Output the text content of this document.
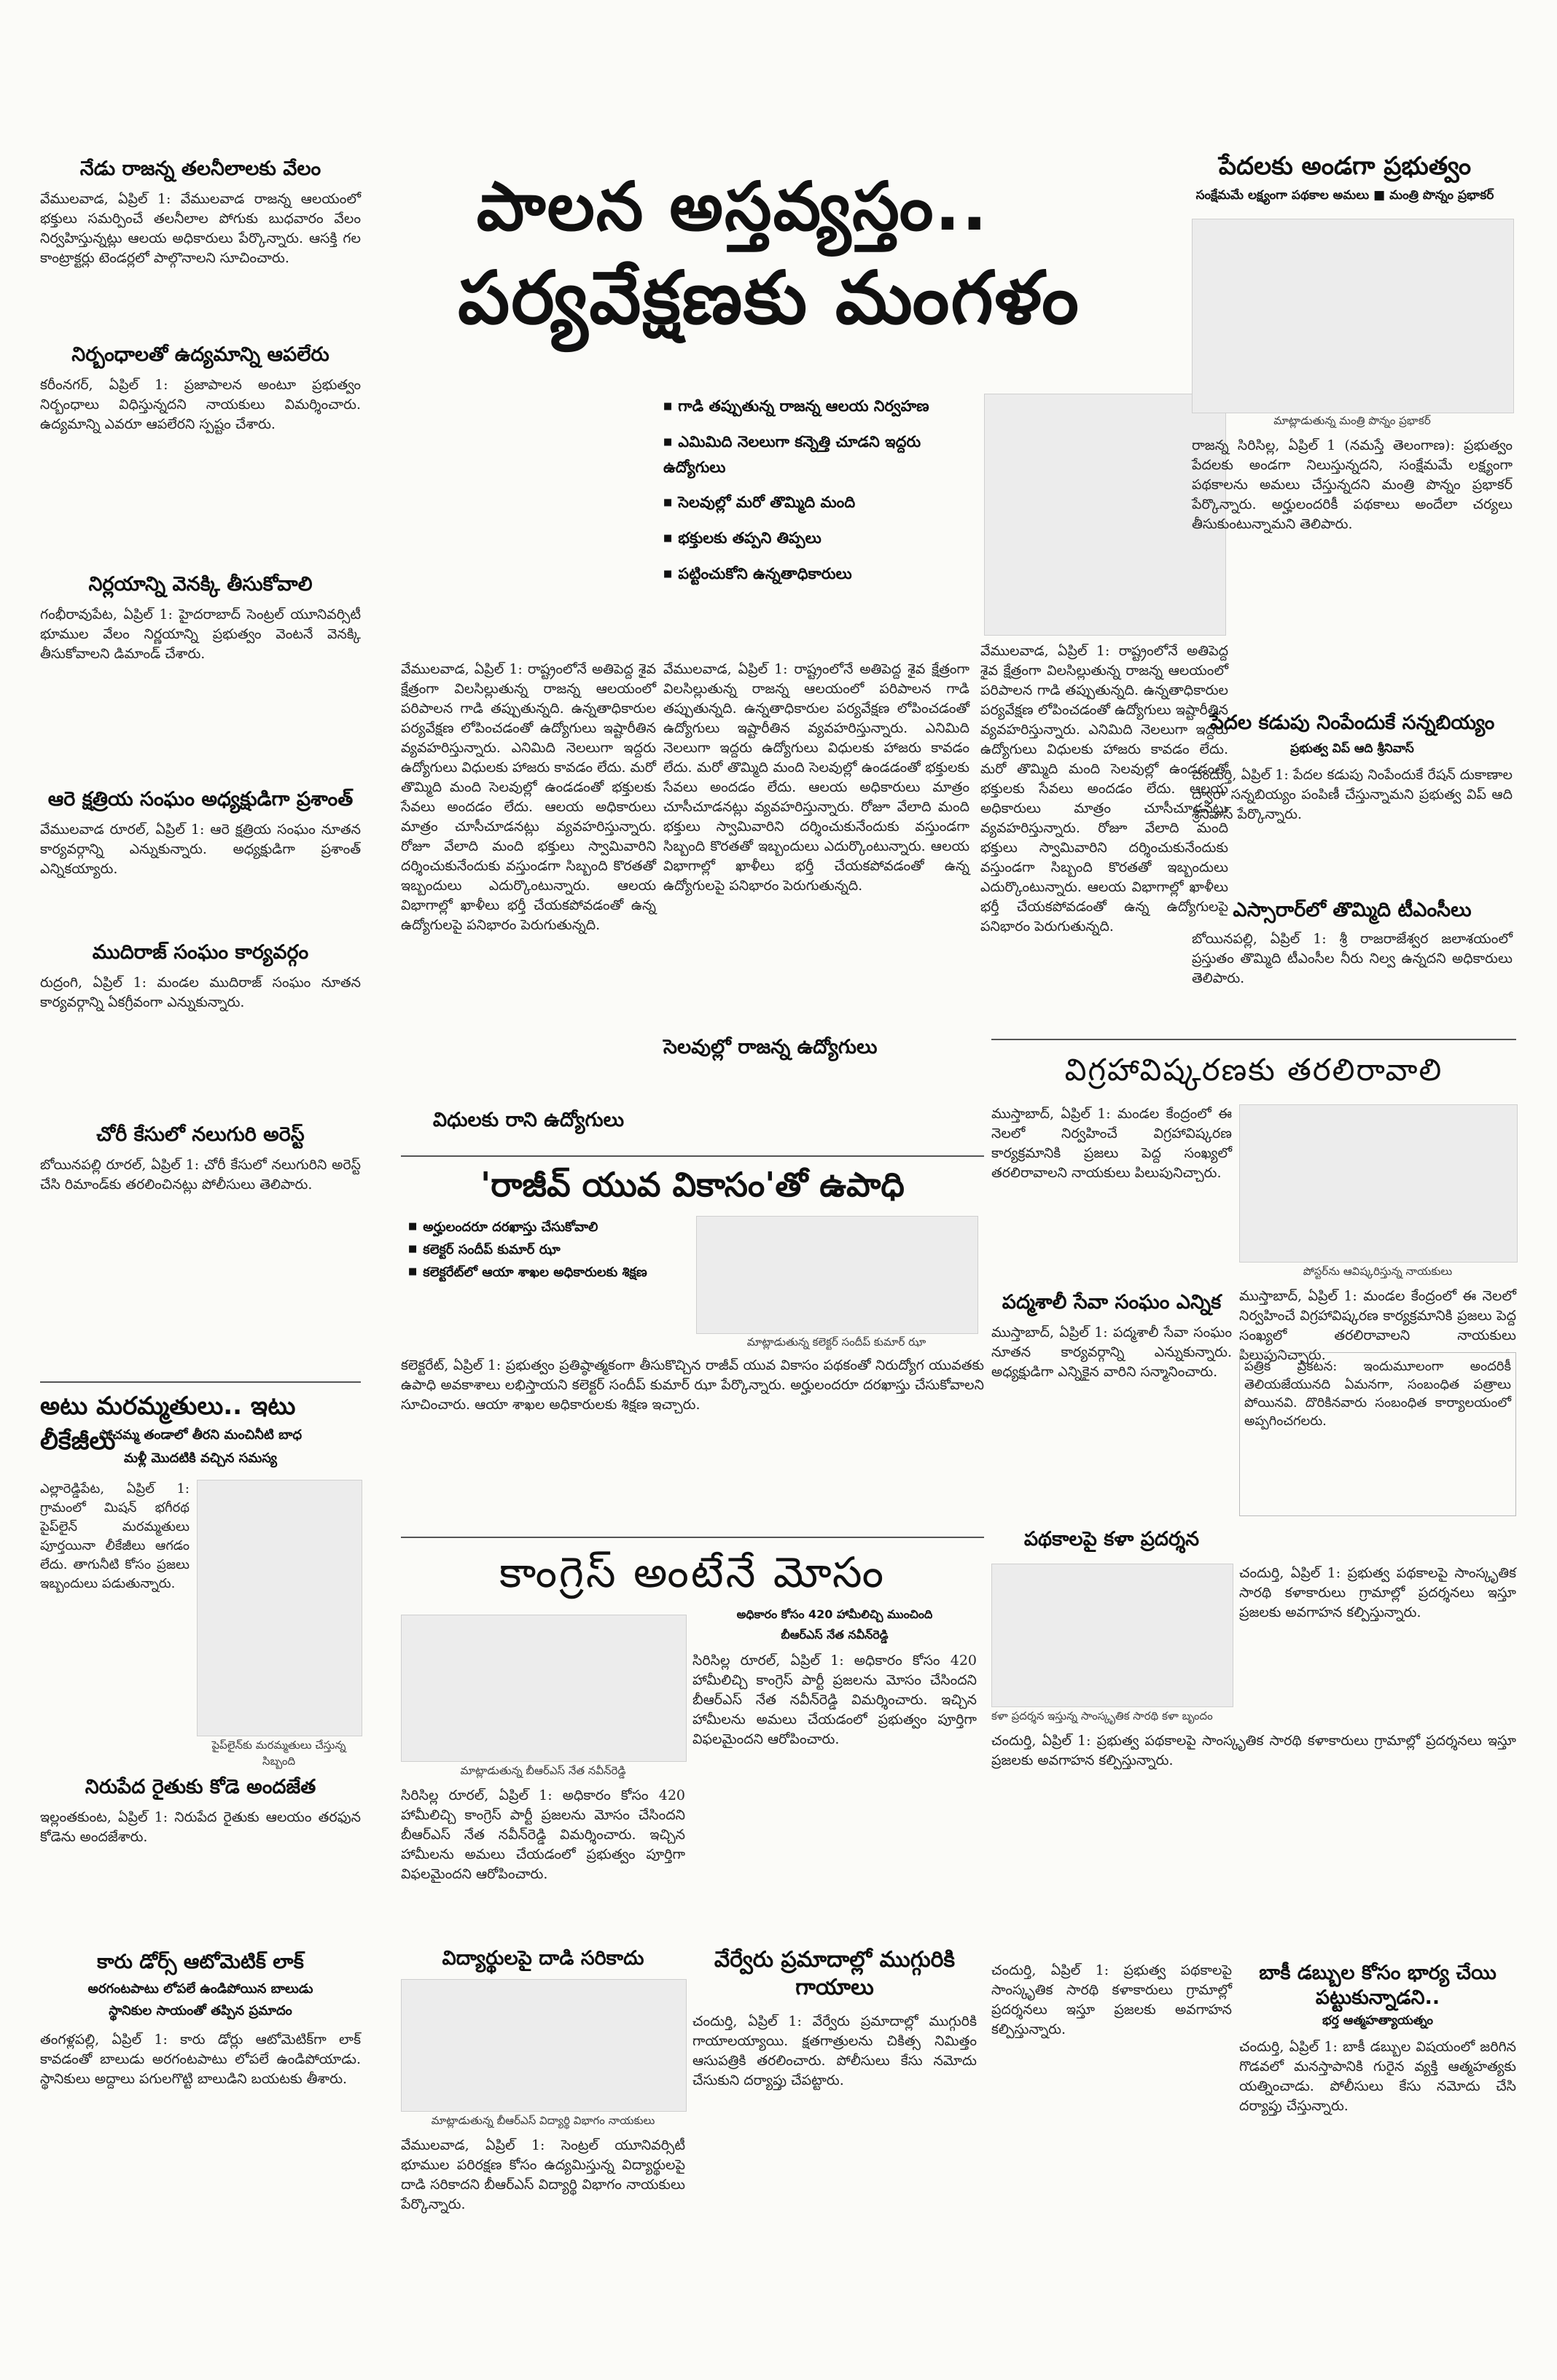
పాలన అస్తవ్యస్తం..
పర్యవేక్షణకు మంగళం
■ గాడి తప్పుతున్న రాజన్న ఆలయ నిర్వహణ
■ ఎమిమిది నెలలుగా కన్నెత్తి చూడని ఇద్దరు ఉద్యోగులు
■ సెలవుల్లో మరో తొమ్మిది మంది
■ భక్తులకు తప్పని తిప్పలు
■ పట్టించుకోని ఉన్నతాధికారులు
వేములవాడ, ఏప్రిల్ 1: రాష్ట్రంలోనే అతిపెద్ద శైవ క్షేత్రంగా విలసిల్లుతున్న రాజన్న ఆలయంలో పరిపాలన గాడి తప్పుతున్నది. ఉన్నతాధికారుల పర్యవేక్షణ లోపించడంతో ఉద్యోగులు ఇష్టారీతిన వ్యవహరిస్తున్నారు. ఎనిమిది నెలలుగా ఇద్దరు ఉద్యోగులు విధులకు హాజరు కావడం లేదు. మరో తొమ్మిది మంది సెలవుల్లో ఉండడంతో భక్తులకు సేవలు అందడం లేదు. ఆలయ అధికారులు మాత్రం చూసీచూడనట్లు వ్యవహరిస్తున్నారు. రోజూ వేలాది మంది భక్తులు స్వామివారిని దర్శించుకునేందుకు వస్తుండగా సిబ్బంది కొరతతో ఇబ్బందులు ఎదుర్కొంటున్నారు. ఆలయ విభాగాల్లో ఖాళీలు భర్తీ చేయకపోవడంతో ఉన్న ఉద్యోగులపై పనిభారం పెరుగుతున్నది.
విధులకు రాని ఉద్యోగులు
వేములవాడ, ఏప్రిల్ 1: రాష్ట్రంలోనే అతిపెద్ద శైవ క్షేత్రంగా విలసిల్లుతున్న రాజన్న ఆలయంలో పరిపాలన గాడి తప్పుతున్నది. ఉన్నతాధికారుల పర్యవేక్షణ లోపించడంతో ఉద్యోగులు ఇష్టారీతిన వ్యవహరిస్తున్నారు. ఎనిమిది నెలలుగా ఇద్దరు ఉద్యోగులు విధులకు హాజరు కావడం లేదు. మరో తొమ్మిది మంది సెలవుల్లో ఉండడంతో భక్తులకు సేవలు అందడం లేదు. ఆలయ అధికారులు మాత్రం చూసీచూడనట్లు వ్యవహరిస్తున్నారు. రోజూ వేలాది మంది భక్తులు స్వామివారిని దర్శించుకునేందుకు వస్తుండగా సిబ్బంది కొరతతో ఇబ్బందులు ఎదుర్కొంటున్నారు. ఆలయ విభాగాల్లో ఖాళీలు భర్తీ చేయకపోవడంతో ఉన్న ఉద్యోగులపై పనిభారం పెరుగుతున్నది.
సెలవుల్లో రాజన్న ఉద్యోగులు
వేములవాడ, ఏప్రిల్ 1: రాష్ట్రంలోనే అతిపెద్ద శైవ క్షేత్రంగా విలసిల్లుతున్న రాజన్న ఆలయంలో పరిపాలన గాడి తప్పుతున్నది. ఉన్నతాధికారుల పర్యవేక్షణ లోపించడంతో ఉద్యోగులు ఇష్టారీతిన వ్యవహరిస్తున్నారు. ఎనిమిది నెలలుగా ఇద్దరు ఉద్యోగులు విధులకు హాజరు కావడం లేదు. మరో తొమ్మిది మంది సెలవుల్లో ఉండడంతో భక్తులకు సేవలు అందడం లేదు. ఆలయ అధికారులు మాత్రం చూసీచూడనట్లు వ్యవహరిస్తున్నారు. రోజూ వేలాది మంది భక్తులు స్వామివారిని దర్శించుకునేందుకు వస్తుండగా సిబ్బంది కొరతతో ఇబ్బందులు ఎదుర్కొంటున్నారు. ఆలయ విభాగాల్లో ఖాళీలు భర్తీ చేయకపోవడంతో ఉన్న ఉద్యోగులపై పనిభారం పెరుగుతున్నది.
నేడు రాజన్న తలనీలాలకు వేలం
వేములవాడ, ఏప్రిల్ 1: వేములవాడ రాజన్న ఆలయంలో భక్తులు సమర్పించే తలనీలాల పోగుకు బుధవారం వేలం నిర్వహిస్తున్నట్లు ఆలయ అధికారులు పేర్కొన్నారు. ఆసక్తి గల కాంట్రాక్టర్లు టెండర్లలో పాల్గొనాలని సూచించారు.
నిర్బంధాలతో ఉద్యమాన్ని ఆపలేరు
కరీంనగర్, ఏప్రిల్ 1: ప్రజాపాలన అంటూ ప్రభుత్వం నిర్బంధాలు విధిస్తున్నదని నాయకులు విమర్శించారు. ఉద్యమాన్ని ఎవరూ ఆపలేరని స్పష్టం చేశారు.
నిర్లయాన్ని వెనక్కి తీసుకోవాలి
గంభీరావుపేట, ఏప్రిల్ 1: హైదరాబాద్ సెంట్రల్ యూనివర్సిటీ భూముల వేలం నిర్ణయాన్ని ప్రభుత్వం వెంటనే వెనక్కి తీసుకోవాలని డిమాండ్ చేశారు.
ఆరె క్షత్రియ సంఘం అధ్యక్షుడిగా ప్రశాంత్
వేములవాడ రూరల్, ఏప్రిల్ 1: ఆరె క్షత్రియ సంఘం నూతన కార్యవర్గాన్ని ఎన్నుకున్నారు. అధ్యక్షుడిగా ప్రశాంత్ ఎన్నికయ్యారు.
ముదిరాజ్ సంఘం కార్యవర్గం
రుద్రంగి, ఏప్రిల్ 1: మండల ముదిరాజ్ సంఘం నూతన కార్యవర్గాన్ని ఏకగ్రీవంగా ఎన్నుకున్నారు.
చోరీ కేసులో నలుగురి అరెస్ట్
బోయినపల్లి రూరల్, ఏప్రిల్ 1: చోరీ కేసులో నలుగురిని అరెస్ట్ చేసి రిమాండ్‌కు తరలించినట్లు పోలీసులు తెలిపారు.
అటు మరమ్మతులు.. ఇటు లీకేజీలు
పోచమ్మ తండాలో తీరని మంచినీటి బాధ
మళ్లీ మొదటికి వచ్చిన సమస్య
ఎల్లారెడ్డిపేట, ఏప్రిల్ 1: గ్రామంలో మిషన్ భగీరథ పైప్‌లైన్ మరమ్మతులు పూర్తయినా లీకేజీలు ఆగడం లేదు. తాగునీటి కోసం ప్రజలు ఇబ్బందులు పడుతున్నారు.
పైప్‌లైన్‌కు మరమ్మతులు చేస్తున్న సిబ్బంది
నిరుపేద రైతుకు కోడె అందజేత
ఇల్లంతకుంట, ఏప్రిల్ 1: నిరుపేద రైతుకు ఆలయం తరఫున కోడెను అందజేశారు.
కారు డోర్స్ ఆటోమెటిక్ లాక్
అరగంటపాటు లోపలే ఉండిపోయిన బాలుడు
స్థానికుల సాయంతో తప్పిన ప్రమాదం
తంగళ్లపల్లి, ఏప్రిల్ 1: కారు డోర్లు ఆటోమెటిక్‌గా లాక్ కావడంతో బాలుడు అరగంటపాటు లోపలే ఉండిపోయాడు. స్థానికులు అద్దాలు పగులగొట్టి బాలుడిని బయటకు తీశారు.
పేదలకు అండగా ప్రభుత్వం
సంక్షేమమే లక్ష్యంగా పథకాల అమలు ■ మంత్రి పొన్నం ప్రభాకర్
మాట్లాడుతున్న మంత్రి పొన్నం ప్రభాకర్
రాజన్న సిరిసిల్ల, ఏప్రిల్ 1 (నమస్తే తెలంగాణ): ప్రభుత్వం పేదలకు అండగా నిలుస్తున్నదని, సంక్షేమమే లక్ష్యంగా పథకాలను అమలు చేస్తున్నదని మంత్రి పొన్నం ప్రభాకర్ పేర్కొన్నారు. అర్హులందరికీ పథకాలు అందేలా చర్యలు తీసుకుంటున్నామని తెలిపారు.
పేదల కడుపు నింపేందుకే సన్నబియ్యం
ప్రభుత్వ విప్ ఆది శ్రీనివాస్
చందుర్తి, ఏప్రిల్ 1: పేదల కడుపు నింపేందుకే రేషన్ దుకాణాల ద్వారా సన్నబియ్యం పంపిణీ చేస్తున్నామని ప్రభుత్వ విప్ ఆది శ్రీనివాస్ పేర్కొన్నారు.
ఎస్సారార్‌లో తొమ్మిది టీఎంసీలు
బోయినపల్లి, ఏప్రిల్ 1: శ్రీ రాజరాజేశ్వర జలాశయంలో ప్రస్తుతం తొమ్మిది టీఎంసీల నీరు నిల్వ ఉన్నదని అధికారులు తెలిపారు.
విగ్రహావిష్కరణకు తరలిరావాలి
ముస్తాబాద్, ఏప్రిల్ 1: మండల కేంద్రంలో ఈ నెలలో నిర్వహించే విగ్రహావిష్కరణ కార్యక్రమానికి ప్రజలు పెద్ద సంఖ్యలో తరలిరావాలని నాయకులు పిలుపునిచ్చారు.
పోస్టర్‌ను ఆవిష్కరిస్తున్న నాయకులు
ముస్తాబాద్, ఏప్రిల్ 1: మండల కేంద్రంలో ఈ నెలలో నిర్వహించే విగ్రహావిష్కరణ కార్యక్రమానికి ప్రజలు పెద్ద సంఖ్యలో తరలిరావాలని నాయకులు పిలుపునిచ్చారు.
పద్మశాలీ సేవా సంఘం ఎన్నిక
ముస్తాబాద్, ఏప్రిల్ 1: పద్మశాలీ సేవా సంఘం నూతన కార్యవర్గాన్ని ఎన్నుకున్నారు. అధ్యక్షుడిగా ఎన్నికైన వారిని సన్మానించారు.	పత్రిక ప్రకటన: ఇందుమూలంగా అందరికీ తెలియజేయునది ఏమనగా, సంబంధిత పత్రాలు పోయినవి. దొరికినవారు సంబంధిత కార్యాలయంలో అప్పగించగలరు.
పథకాలపై కళా ప్రదర్శన
కళా ప్రదర్శన ఇస్తున్న సాంస్కృతిక సారథి కళా బృందం
చందుర్తి, ఏప్రిల్ 1: ప్రభుత్వ పథకాలపై సాంస్కృతిక సారథి కళాకారులు గ్రామాల్లో ప్రదర్శనలు ఇస్తూ ప్రజలకు అవగాహన కల్పిస్తున్నారు.
చందుర్తి, ఏప్రిల్ 1: ప్రభుత్వ పథకాలపై సాంస్కృతిక సారథి కళాకారులు గ్రామాల్లో ప్రదర్శనలు ఇస్తూ ప్రజలకు అవగాహన కల్పిస్తున్నారు.
బాకీ డబ్బుల కోసం భార్య చేయి పట్టుకున్నాడని..
భర్త ఆత్మహత్యాయత్నం
చందుర్తి, ఏప్రిల్ 1: బాకీ డబ్బుల విషయంలో జరిగిన గొడవలో మనస్తాపానికి గురైన వ్యక్తి ఆత్మహత్యకు యత్నించాడు. పోలీసులు కేసు నమోదు చేసి దర్యాప్తు చేస్తున్నారు.
చందుర్తి, ఏప్రిల్ 1: ప్రభుత్వ పథకాలపై సాంస్కృతిక సారథి కళాకారులు గ్రామాల్లో ప్రదర్శనలు ఇస్తూ ప్రజలకు అవగాహన కల్పిస్తున్నారు.
'రాజీవ్ యువ వికాసం'తో ఉపాధి
■ అర్హులందరూ దరఖాస్తు చేసుకోవాలి
■ కలెక్టర్ సందీప్ కుమార్ ఝా
■ కలెక్టరేట్‌లో ఆయా శాఖల అధికారులకు శిక్షణ
మాట్లాడుతున్న కలెక్టర్ సందీప్ కుమార్ ఝా
కలెక్టరేట్, ఏప్రిల్ 1: ప్రభుత్వం ప్రతిష్ఠాత్మకంగా తీసుకొచ్చిన రాజీవ్ యువ వికాసం పథకంతో నిరుద్యోగ యువతకు ఉపాధి అవకాశాలు లభిస్తాయని కలెక్టర్ సందీప్ కుమార్ ఝా పేర్కొన్నారు. అర్హులందరూ దరఖాస్తు చేసుకోవాలని సూచించారు. ఆయా శాఖల అధికారులకు శిక్షణ ఇచ్చారు.
కాంగ్రెస్ అంటేనే మోసం
అధికారం కోసం 420 హామీలిచ్చి ముంచింది
బీఆర్ఎస్ నేత నవీన్‌రెడ్డి
మాట్లాడుతున్న బీఆర్ఎస్ నేత నవీన్‌రెడ్డి
సిరిసిల్ల రూరల్, ఏప్రిల్ 1: అధికారం కోసం 420 హామీలిచ్చి కాంగ్రెస్ పార్టీ ప్రజలను మోసం చేసిందని బీఆర్ఎస్ నేత నవీన్‌రెడ్డి విమర్శించారు. ఇచ్చిన హామీలను అమలు చేయడంలో ప్రభుత్వం పూర్తిగా విఫలమైందని ఆరోపించారు.
సిరిసిల్ల రూరల్, ఏప్రిల్ 1: అధికారం కోసం 420 హామీలిచ్చి కాంగ్రెస్ పార్టీ ప్రజలను మోసం చేసిందని బీఆర్ఎస్ నేత నవీన్‌రెడ్డి విమర్శించారు. ఇచ్చిన హామీలను అమలు చేయడంలో ప్రభుత్వం పూర్తిగా విఫలమైందని ఆరోపించారు.
విద్యార్థులపై దాడి సరికాదు
మాట్లాడుతున్న బీఆర్ఎస్ విద్యార్థి విభాగం నాయకులు
వేములవాడ, ఏప్రిల్ 1: సెంట్రల్ యూనివర్సిటీ భూముల పరిరక్షణ కోసం ఉద్యమిస్తున్న విద్యార్థులపై దాడి సరికాదని బీఆర్ఎస్ విద్యార్థి విభాగం నాయకులు పేర్కొన్నారు.
వేర్వేరు ప్రమాదాల్లో ముగ్గురికి గాయాలు
చందుర్తి, ఏప్రిల్ 1: వేర్వేరు ప్రమాదాల్లో ముగ్గురికి గాయాలయ్యాయి. క్షతగాత్రులను చికిత్స నిమిత్తం ఆసుపత్రికి తరలించారు. పోలీసులు కేసు నమోదు చేసుకుని దర్యాప్తు చేపట్టారు.
